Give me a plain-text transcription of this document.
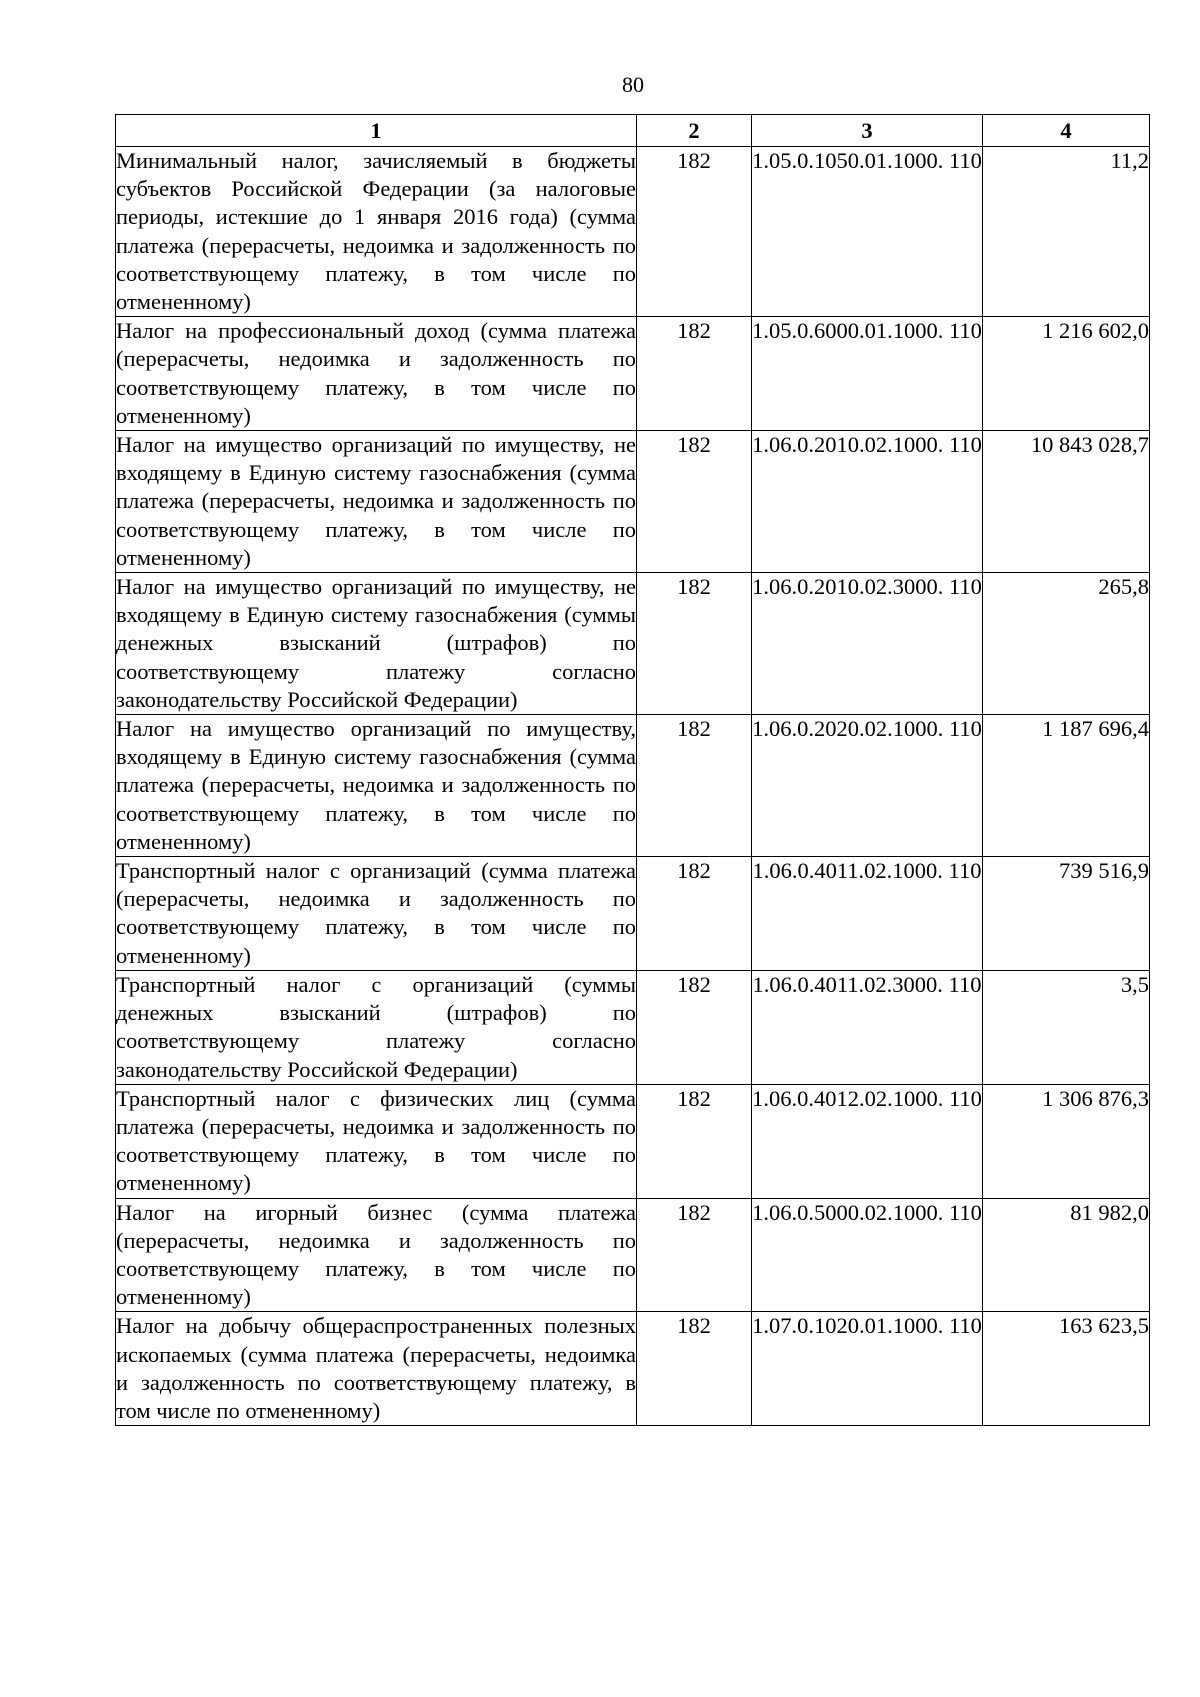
80
1	2	3	4
Минимальный налог, зачисляемый в бюджеты субъектов Российской Федерации (за налоговые периоды, истекшие до 1 января 2016 года) (сумма платежа (перерасчеты, недоимка и задолженность по соответствующему платежу, в том числе по отмененному)	182	1.05.0.1050.01.1000. 110	11,2
Налог на профессиональный доход (сумма платежа (перерасчеты, недоимка и задолженность по соответствующему платежу, в том числе по отмененному)	182	1.05.0.6000.01.1000. 110	1 216 602,0
Налог на имущество организаций по имуществу, не входящему в Единую систему газоснабжения (сумма платежа (перерасчеты, недоимка и задолженность по соответствующему платежу, в том числе по отмененному)	182	1.06.0.2010.02.1000. 110	10 843 028,7
Налог на имущество организаций по имуществу, не входящему в Единую систему газоснабжения (суммы денежных взысканий (штрафов) по соответствующему платежу согласно законодательству Российской Федерации)	182	1.06.0.2010.02.3000. 110	265,8
Налог на имущество организаций по имуществу, входящему в Единую систему газоснабжения (сумма платежа (перерасчеты, недоимка и задолженность по соответствующему платежу, в том числе по отмененному)	182	1.06.0.2020.02.1000. 110	1 187 696,4
Транспортный налог с организаций (сумма платежа (перерасчеты, недоимка и задолженность по соответствующему платежу, в том числе по отмененному)	182	1.06.0.4011.02.1000. 110	739 516,9
Транспортный налог с организаций (суммы денежных взысканий (штрафов) по соответствующему платежу согласно законодательству Российской Федерации)	182	1.06.0.4011.02.3000. 110	3,5
Транспортный налог с физических лиц (сумма платежа (перерасчеты, недоимка и задолженность по соответствующему платежу, в том числе по отмененному)	182	1.06.0.4012.02.1000. 110	1 306 876,3
Налог на игорный бизнес (сумма платежа (перерасчеты, недоимка и задолженность по соответствующему платежу, в том числе по отмененному)	182	1.06.0.5000.02.1000. 110	81 982,0
Налог на добычу общераспространенных полезных ископаемых (сумма платежа (перерасчеты, недоимка и задолженность по соответствующему платежу, в том числе по отмененному)	182	1.07.0.1020.01.1000. 110	163 623,5
